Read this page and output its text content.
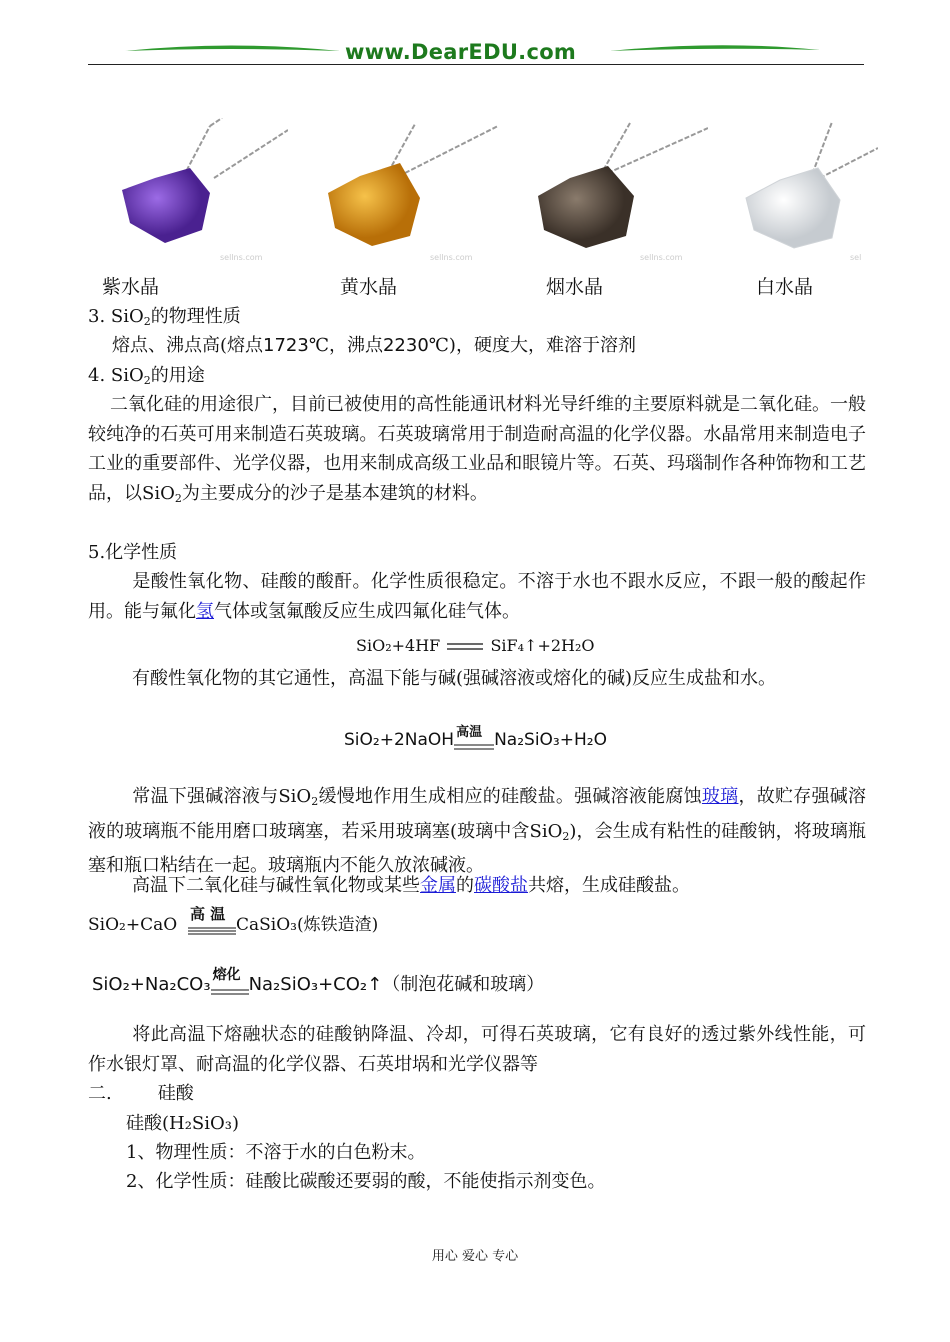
www.DearEDU.com
sellns.com	sellns.com	sellns.com	sel
紫水晶	黄水晶	烟水晶	白水晶
3. SiO$_2$的物理性质
熔点、沸点高(熔点1723℃，沸点2230℃)，硬度大，难溶于溶剂
4. SiO$_2$的用途
二氧化硅的用途很广，目前已被使用的高性能通讯材料光导纤维的主要原料就是二氧化硅。一般较纯净的石英可用来制造石英玻璃。石英玻璃常用于制造耐高温的化学仪器。水晶常用来制造电子工业的重要部件、光学仪器，也用来制成高级工业品和眼镜片等。石英、玛瑙制作各种饰物和工艺品，以SiO$_2$为主要成分的沙子是基本建筑的材料。
5.化学性质
是酸性氧化物、硅酸的酸酐。化学性质很稳定。不溶于水也不跟水反应，不跟一般的酸起作用。能与氟化氢气体或氢氟酸反应生成四氟化硅气体。
SiO₂+4HF	SiF₄↑+2H₂O
有酸性氧化物的其它通性，高温下能与碱(强碱溶液或熔化的碱)反应生成盐和水。
SiO₂+2NaOH 高温 Na₂SiO₃+H₂O
常温下强碱溶液与SiO$_2$缓慢地作用生成相应的硅酸盐。强碱溶液能腐蚀玻璃，故贮存强碱溶液的玻璃瓶不能用磨口玻璃塞，若采用玻璃塞(玻璃中含SiO$_2$)，会生成有粘性的硅酸钠，将玻璃瓶塞和瓶口粘结在一起。玻璃瓶内不能久放浓碱液。
高温下二氧化硅与碱性氧化物或某些金属的碳酸盐共熔，生成硅酸盐。
SiO₂+CaO
高 温
CaSiO₃(炼铁造渣)
SiO₂+Na₂CO₃ 熔化 Na₂SiO₃+CO₂↑（制泡花碱和玻璃）
将此高温下熔融状态的硅酸钠降温、冷却，可得石英玻璃，它有良好的透过紫外线性能，可作水银灯罩、耐高温的化学仪器、石英坩埚和光学仪器等
二.	硅酸
硅酸(H₂SiO₃)
1、物理性质：不溶于水的白色粉末。
2、化学性质：硅酸比碳酸还要弱的酸，不能使指示剂变色。
用心 爱心 专心
